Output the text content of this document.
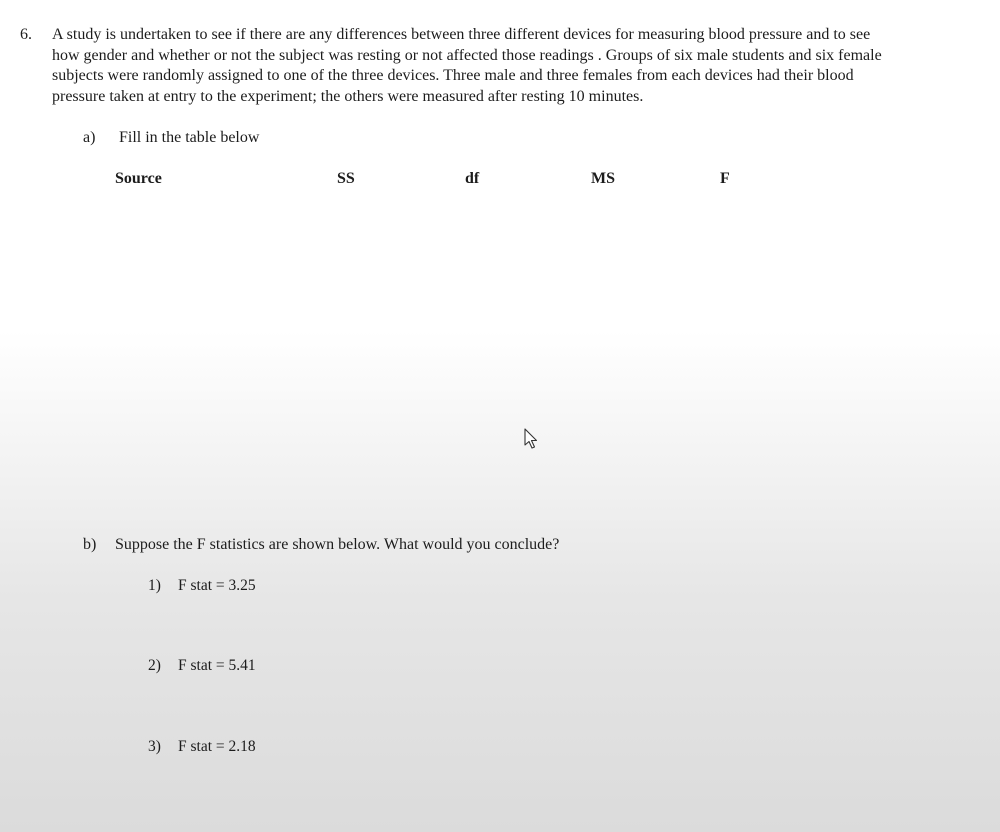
6. A study is undertaken to see if there are any differences between three different devices for measuring blood pressure and to see
how gender and whether or not the subject was resting or not affected those readings . Groups of six male students and six female
subjects were randomly assigned to one of the three devices. Three male and three females from each devices had their blood
pressure taken at entry to the experiment; the others were measured after resting 10 minutes.

a) Fill in the table below
Source	SS	df	MS	F
b) Suppose the F statistics are shown below. What would you conclude?
1) F stat = 3.25
2) F stat = 5.41
3) F stat = 2.18
